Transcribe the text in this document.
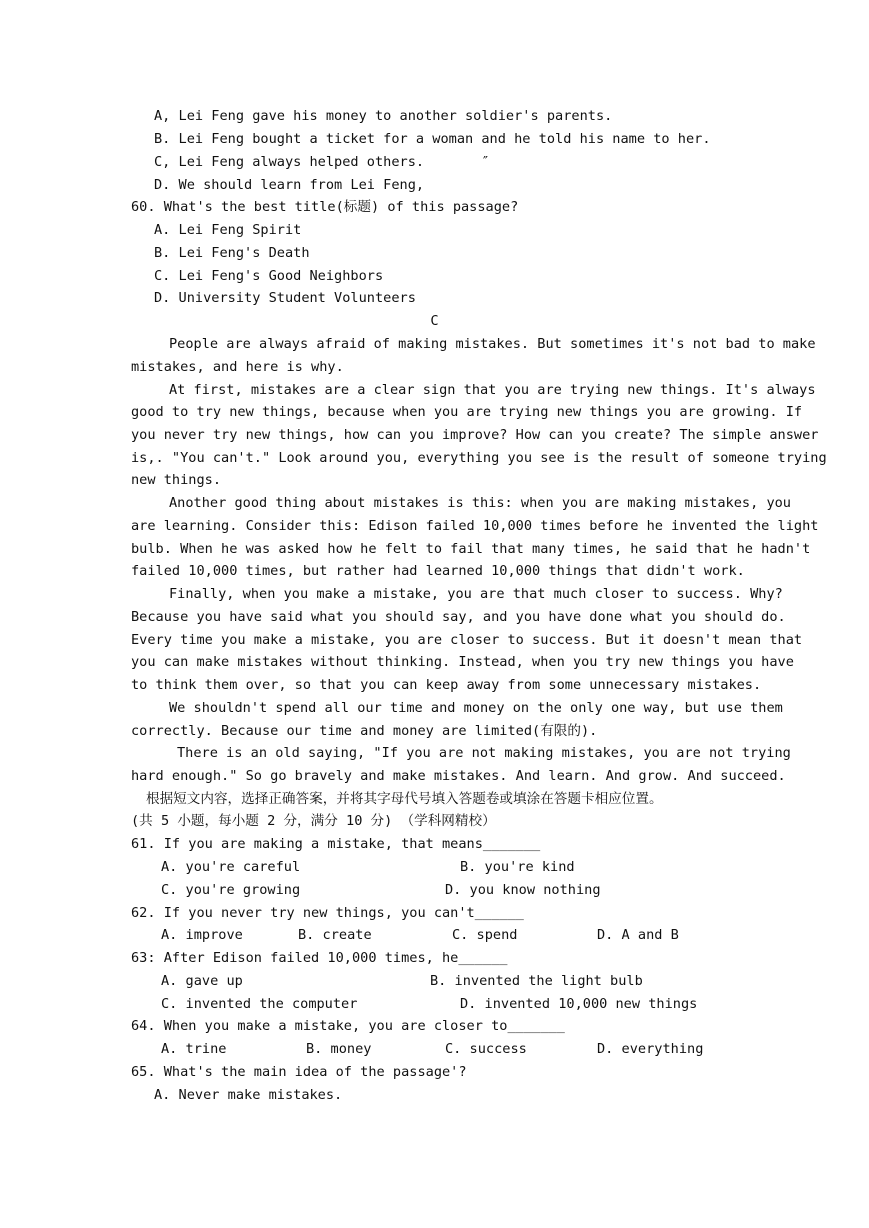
A, Lei Feng gave his money to another soldier's parents.
B. Lei Feng bought a ticket for a woman and he told his name to her.
C, Lei Feng always helped others.       ″
D. We should learn from Lei Feng,
60. What's the best title(标题) of this passage?
A. Lei Feng Spirit
B. Lei Feng's Death
C. Lei Feng's Good Neighbors
D. University Student Volunteers
C
People are always afraid of making mistakes. But sometimes it's not bad to make
mistakes, and here is why.
At first, mistakes are a clear sign that you are trying new things. It's always
good to try new things, because when you are trying new things you are growing. If
you never try new things, how can you improve? How can you create? The simple answer
is,. "You can't." Look around you, everything you see is the result of someone trying
new things.
Another good thing about mistakes is this: when you are making mistakes, you
are learning. Consider this: Edison failed 10,000 times before he invented the light
bulb. When he was asked how he felt to fail that many times, he said that he hadn't
failed 10,000 times, but rather had learned 10,000 things that didn't work.
Finally, when you make a mistake, you are that much closer to success. Why?
Because you have said what you should say, and you have done what you should do.
Every time you make a mistake, you are closer to success. But it doesn't mean that
you can make mistakes without thinking. Instead, when you try new things you have
to think them over, so that you can keep away from some unnecessary mistakes.
We shouldn't spend all our time and money on the only one way, but use them
correctly. Because our time and money are limited(有限的).
There is an old saying, "If you are not making mistakes, you are not trying
hard enough." So go bravely and make mistakes. And learn. And grow. And succeed.
根据短文内容，选择正确答案，并将其字母代号填入答题卷或填涂在答题卡相应位置。
(共 5 小题，每小题 2 分，满分 10 分) （学科网精校）
61. If you are making a mistake, that means_______
A. you're careful	B. you're kind
C. you're growing	D. you know nothing
62. If you never try new things, you can't______
A. improve	B. create	C. spend	D. A and B
63: After Edison failed 10,000 times, he______
A. gave up	B. invented the light bulb
C. invented the computer	D. invented 10,000 new things
64. When you make a mistake, you are closer to_______
A. trine	B. money	C. success	D. everything
65. What's the main idea of the passage'?
A. Never make mistakes.
